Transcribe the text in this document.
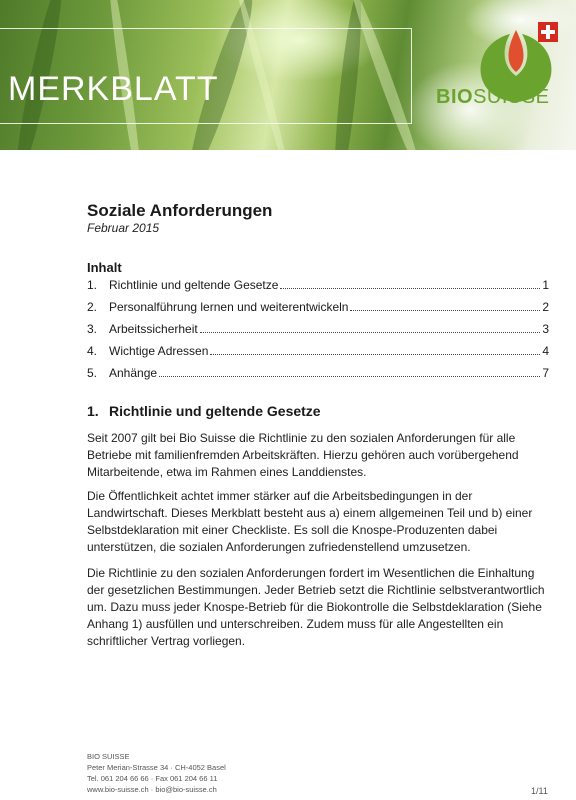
MERKBLATT	BIOSUISSE
Soziale Anforderungen
Februar 2015
Inhalt
1. Richtlinie und geltende Gesetze	1
2. Personalführung lernen und weiterentwickeln	2
3. Arbeitssicherheit	3
4. Wichtige Adressen	4
5. Anhänge	7
1. Richtlinie und geltende Gesetze

Seit 2007 gilt bei Bio Suisse die Richtlinie zu den sozialen Anforderungen für alle Betriebe mit familienfremden Arbeitskräften. Hierzu gehören auch vorübergehend Mitarbeitende, etwa im Rahmen eines Landdienstes.

Die Öffentlichkeit achtet immer stärker auf die Arbeitsbedingungen in der Landwirtschaft. Dieses Merkblatt besteht aus a) einem allgemeinen Teil und b) einer Selbstdeklaration mit einer Checkliste. Es soll die Knospe-Produzenten dabei unterstützen, die sozialen Anforderungen zufriedenstellend umzusetzen.

Die Richtlinie zu den sozialen Anforderungen fordert im Wesentlichen die Einhaltung der gesetzlichen Bestimmungen. Jeder Betrieb setzt die Richtlinie selbstverantwortlich um. Dazu muss jeder Knospe-Betrieb für die Biokontrolle die Selbstdeklaration (Siehe Anhang 1) ausfüllen und unterschreiben. Zudem muss für alle Angestellten ein schriftlicher Vertrag vorliegen.

BIO SUISSE
Peter Merian-Strasse 34 · CH-4052 Basel
Tel. 061 204 66 66 · Fax 061 204 66 11
www.bio-suisse.ch · bio@bio-suisse.ch	1/11
